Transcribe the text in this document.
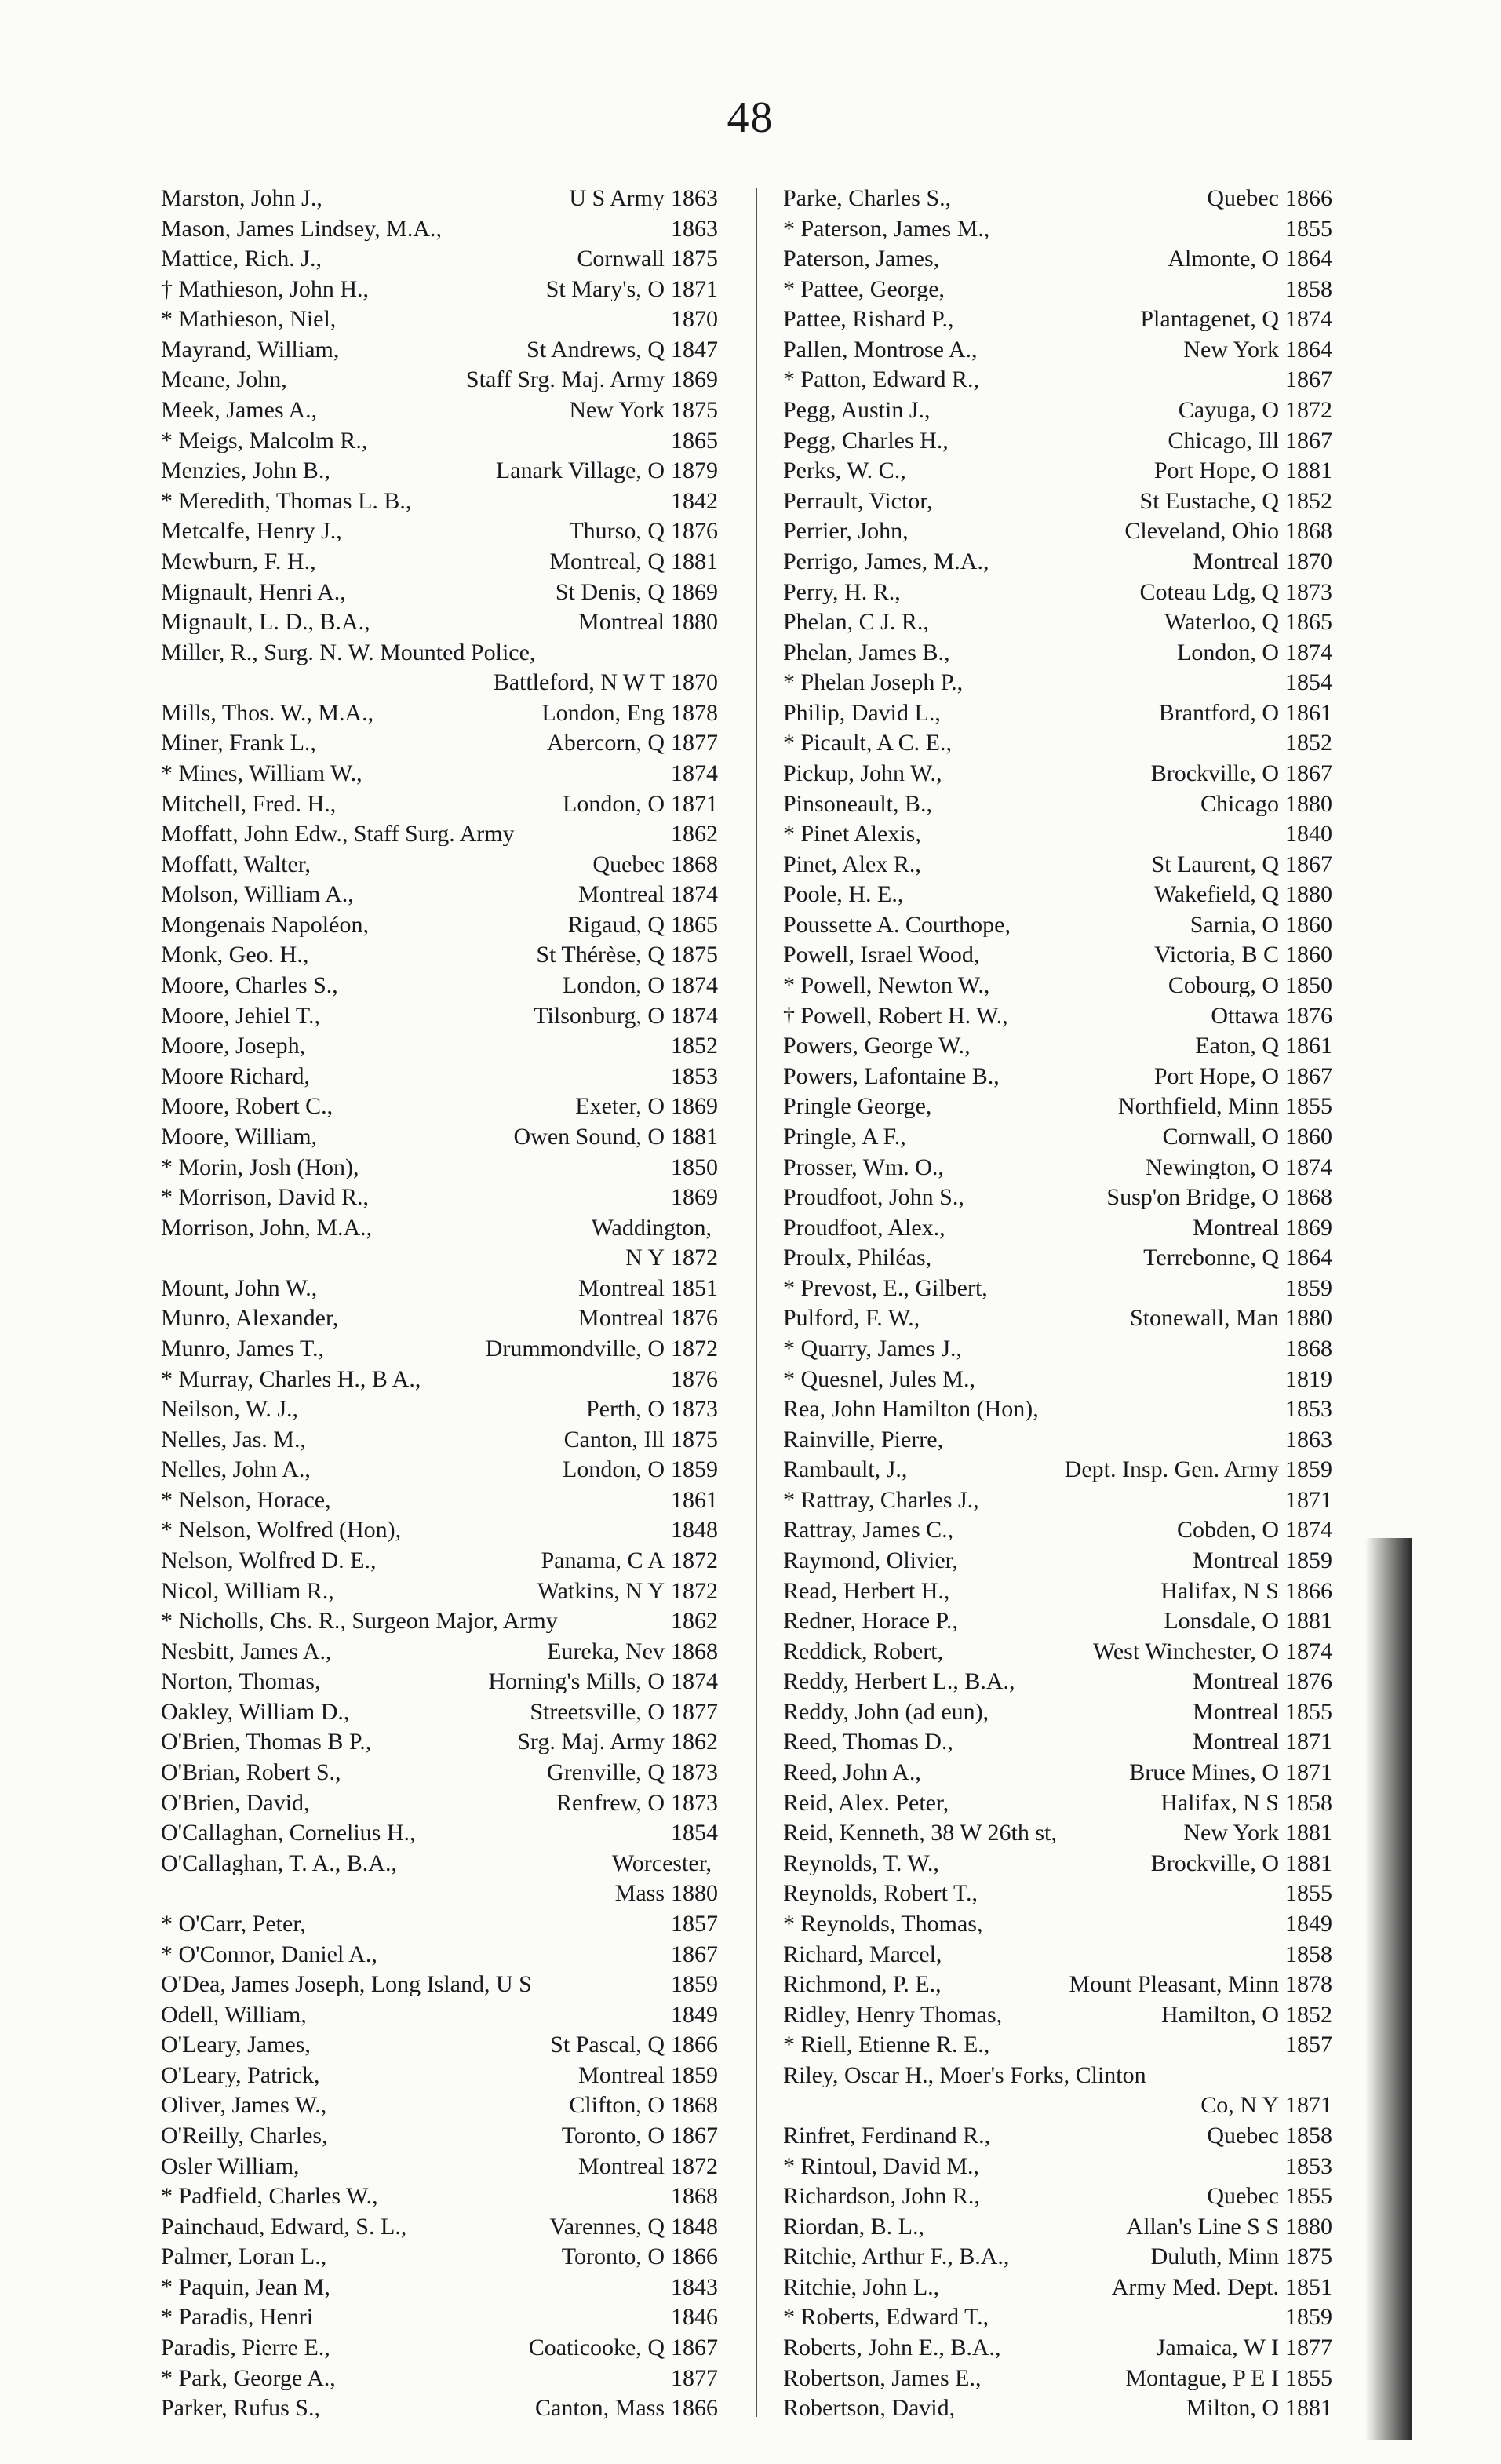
48
Marston, John J.,	U S Army 1863
Mason, James Lindsey, M.A.,	1863
Mattice, Rich. J.,	Cornwall 1875
† Mathieson, John H.,	St Mary's, O 1871
* Mathieson, Niel,	1870
Mayrand, William,	St Andrews, Q 1847
Meane, John,	Staff Srg. Maj. Army 1869
Meek, James A.,	New York 1875
* Meigs, Malcolm R.,	1865
Menzies, John B.,	Lanark Village, O 1879
* Meredith, Thomas L. B.,	1842
Metcalfe, Henry J.,	Thurso, Q 1876
Mewburn, F. H.,	Montreal, Q 1881
Mignault, Henri A.,	St Denis, Q 1869
Mignault, L. D., B.A.,	Montreal 1880
Miller, R., Surg. N. W. Mounted Police,
Battleford, N W T 1870
Mills, Thos. W., M.A.,	London, Eng 1878
Miner, Frank L.,	Abercorn, Q 1877
* Mines, William W.,	1874
Mitchell, Fred. H.,	London, O 1871
Moffatt, John Edw., Staff Surg. Army	1862
Moffatt, Walter,	Quebec 1868
Molson, William A.,	Montreal 1874
Mongenais Napoléon,	Rigaud, Q 1865
Monk, Geo. H.,	St Thérèse, Q 1875
Moore, Charles S.,	London, O 1874
Moore, Jehiel T.,	Tilsonburg, O 1874
Moore, Joseph,	1852
Moore Richard,	1853
Moore, Robert C.,	Exeter, O 1869
Moore, William,	Owen Sound, O 1881
* Morin, Josh (Hon),	1850
* Morrison, David R.,	1869
Morrison, John, M.A.,	Waddington,
N Y 1872
Mount, John W.,	Montreal 1851
Munro, Alexander,	Montreal 1876
Munro, James T.,	Drummondville, O 1872
* Murray, Charles H., B A.,	1876
Neilson, W. J.,	Perth, O 1873
Nelles, Jas. M.,	Canton, Ill 1875
Nelles, John A.,	London, O 1859
* Nelson, Horace,	1861
* Nelson, Wolfred (Hon),	1848
Nelson, Wolfred D. E.,	Panama, C A 1872
Nicol, William R.,	Watkins, N Y 1872
* Nicholls, Chs. R., Surgeon Major, Army	1862
Nesbitt, James A.,	Eureka, Nev 1868
Norton, Thomas,	Horning's Mills, O 1874
Oakley, William D.,	Streetsville, O 1877
O'Brien, Thomas B P.,	Srg. Maj. Army 1862
O'Brian, Robert S.,	Grenville, Q 1873
O'Brien, David,	Renfrew, O 1873
O'Callaghan, Cornelius H.,	1854
O'Callaghan, T. A., B.A.,	Worcester,
Mass 1880
* O'Carr, Peter,	1857
* O'Connor, Daniel A.,	1867
O'Dea, James Joseph, Long Island, U S	1859
Odell, William,	1849
O'Leary, James,	St Pascal, Q 1866
O'Leary, Patrick,	Montreal 1859
Oliver, James W.,	Clifton, O 1868
O'Reilly, Charles,	Toronto, O 1867
Osler William,	Montreal 1872
* Padfield, Charles W.,	1868
Painchaud, Edward, S. L.,	Varennes, Q 1848
Palmer, Loran L.,	Toronto, O 1866
* Paquin, Jean M,	1843
* Paradis, Henri	1846
Paradis, Pierre E.,	Coaticooke, Q 1867
* Park, George A.,	1877
Parker, Rufus S.,	Canton, Mass 1866
Parke, Charles S.,	Quebec 1866
* Paterson, James M.,	1855
Paterson, James,	Almonte, O 1864
* Pattee, George,	1858
Pattee, Rishard P.,	Plantagenet, Q 1874
Pallen, Montrose A.,	New York 1864
* Patton, Edward R.,	1867
Pegg, Austin J.,	Cayuga, O 1872
Pegg, Charles H.,	Chicago, Ill 1867
Perks, W. C.,	Port Hope, O 1881
Perrault, Victor,	St Eustache, Q 1852
Perrier, John,	Cleveland, Ohio 1868
Perrigo, James, M.A.,	Montreal 1870
Perry, H. R.,	Coteau Ldg, Q 1873
Phelan, C J. R.,	Waterloo, Q 1865
Phelan, James B.,	London, O 1874
* Phelan Joseph P.,	1854
Philip, David L.,	Brantford, O 1861
* Picault, A C. E.,	1852
Pickup, John W.,	Brockville, O 1867
Pinsoneault, B.,	Chicago 1880
* Pinet Alexis,	1840
Pinet, Alex R.,	St Laurent, Q 1867
Poole, H. E.,	Wakefield, Q 1880
Poussette A. Courthope,	Sarnia, O 1860
Powell, Israel Wood,	Victoria, B C 1860
* Powell, Newton W.,	Cobourg, O 1850
† Powell, Robert H. W.,	Ottawa 1876
Powers, George W.,	Eaton, Q 1861
Powers, Lafontaine B.,	Port Hope, O 1867
Pringle George,	Northfield, Minn 1855
Pringle, A F.,	Cornwall, O 1860
Prosser, Wm. O.,	Newington, O 1874
Proudfoot, John S.,	Susp'on Bridge, O 1868
Proudfoot, Alex.,	Montreal 1869
Proulx, Philéas,	Terrebonne, Q 1864
* Prevost, E., Gilbert,	1859
Pulford, F. W.,	Stonewall, Man 1880
* Quarry, James J.,	1868
* Quesnel, Jules M.,	1819
Rea, John Hamilton (Hon),	1853
Rainville, Pierre,	1863
Rambault, J.,	Dept. Insp. Gen. Army 1859
* Rattray, Charles J.,	1871
Rattray, James C.,	Cobden, O 1874
Raymond, Olivier,	Montreal 1859
Read, Herbert H.,	Halifax, N S 1866
Redner, Horace P.,	Lonsdale, O 1881
Reddick, Robert,	West Winchester, O 1874
Reddy, Herbert L., B.A.,	Montreal 1876
Reddy, John (ad eun),	Montreal 1855
Reed, Thomas D.,	Montreal 1871
Reed, John A.,	Bruce Mines, O 1871
Reid, Alex. Peter,	Halifax, N S 1858
Reid, Kenneth, 38 W 26th st,	New York 1881
Reynolds, T. W.,	Brockville, O 1881
Reynolds, Robert T.,	1855
* Reynolds, Thomas,	1849
Richard, Marcel,	1858
Richmond, P. E.,	Mount Pleasant, Minn 1878
Ridley, Henry Thomas,	Hamilton, O 1852
* Riell, Etienne R. E.,	1857
Riley, Oscar H., Moer's Forks, Clinton
Co, N Y 1871
Rinfret, Ferdinand R.,	Quebec 1858
* Rintoul, David M.,	1853
Richardson, John R.,	Quebec 1855
Riordan, B. L.,	Allan's Line S S 1880
Ritchie, Arthur F., B.A.,	Duluth, Minn 1875
Ritchie, John L.,	Army Med. Dept. 1851
* Roberts, Edward T.,	1859
Roberts, John E., B.A.,	Jamaica, W I 1877
Robertson, James E.,	Montague, P E I 1855
Robertson, David,	Milton, O 1881
